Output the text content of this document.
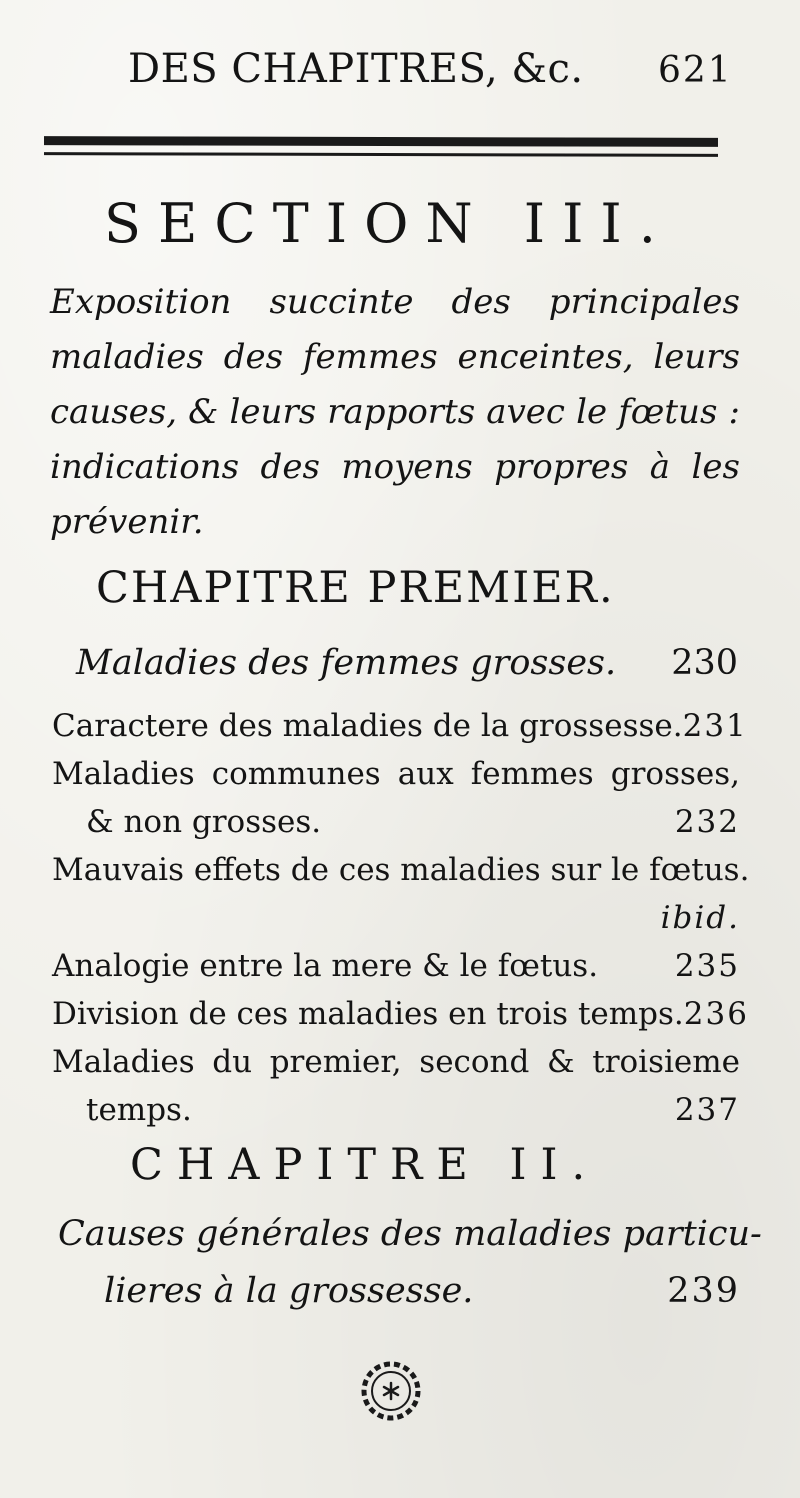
DES CHAPITRES, &c. 621
SECTION III.
Exposition succinte des principales maladies des femmes enceintes, leurs causes, & leurs rapports avec le fœtus : indications des moyens propres à les prévenir.
CHAPITRE PREMIER.
Maladies des femmes grosses. 230
Caractere des maladies de la grossesse. 231
Maladies communes aux femmes grosses,
& non grosses.	232
Mauvais effets de ces maladies sur le fœtus.
ibid.
Analogie entre la mere & le fœtus. 235
Division de ces maladies en trois temps. 236
Maladies du premier, second & troisieme
temps.	237
CHAPITRE II.
Causes générales des maladies particu-
lieres à la grossesse.	239
